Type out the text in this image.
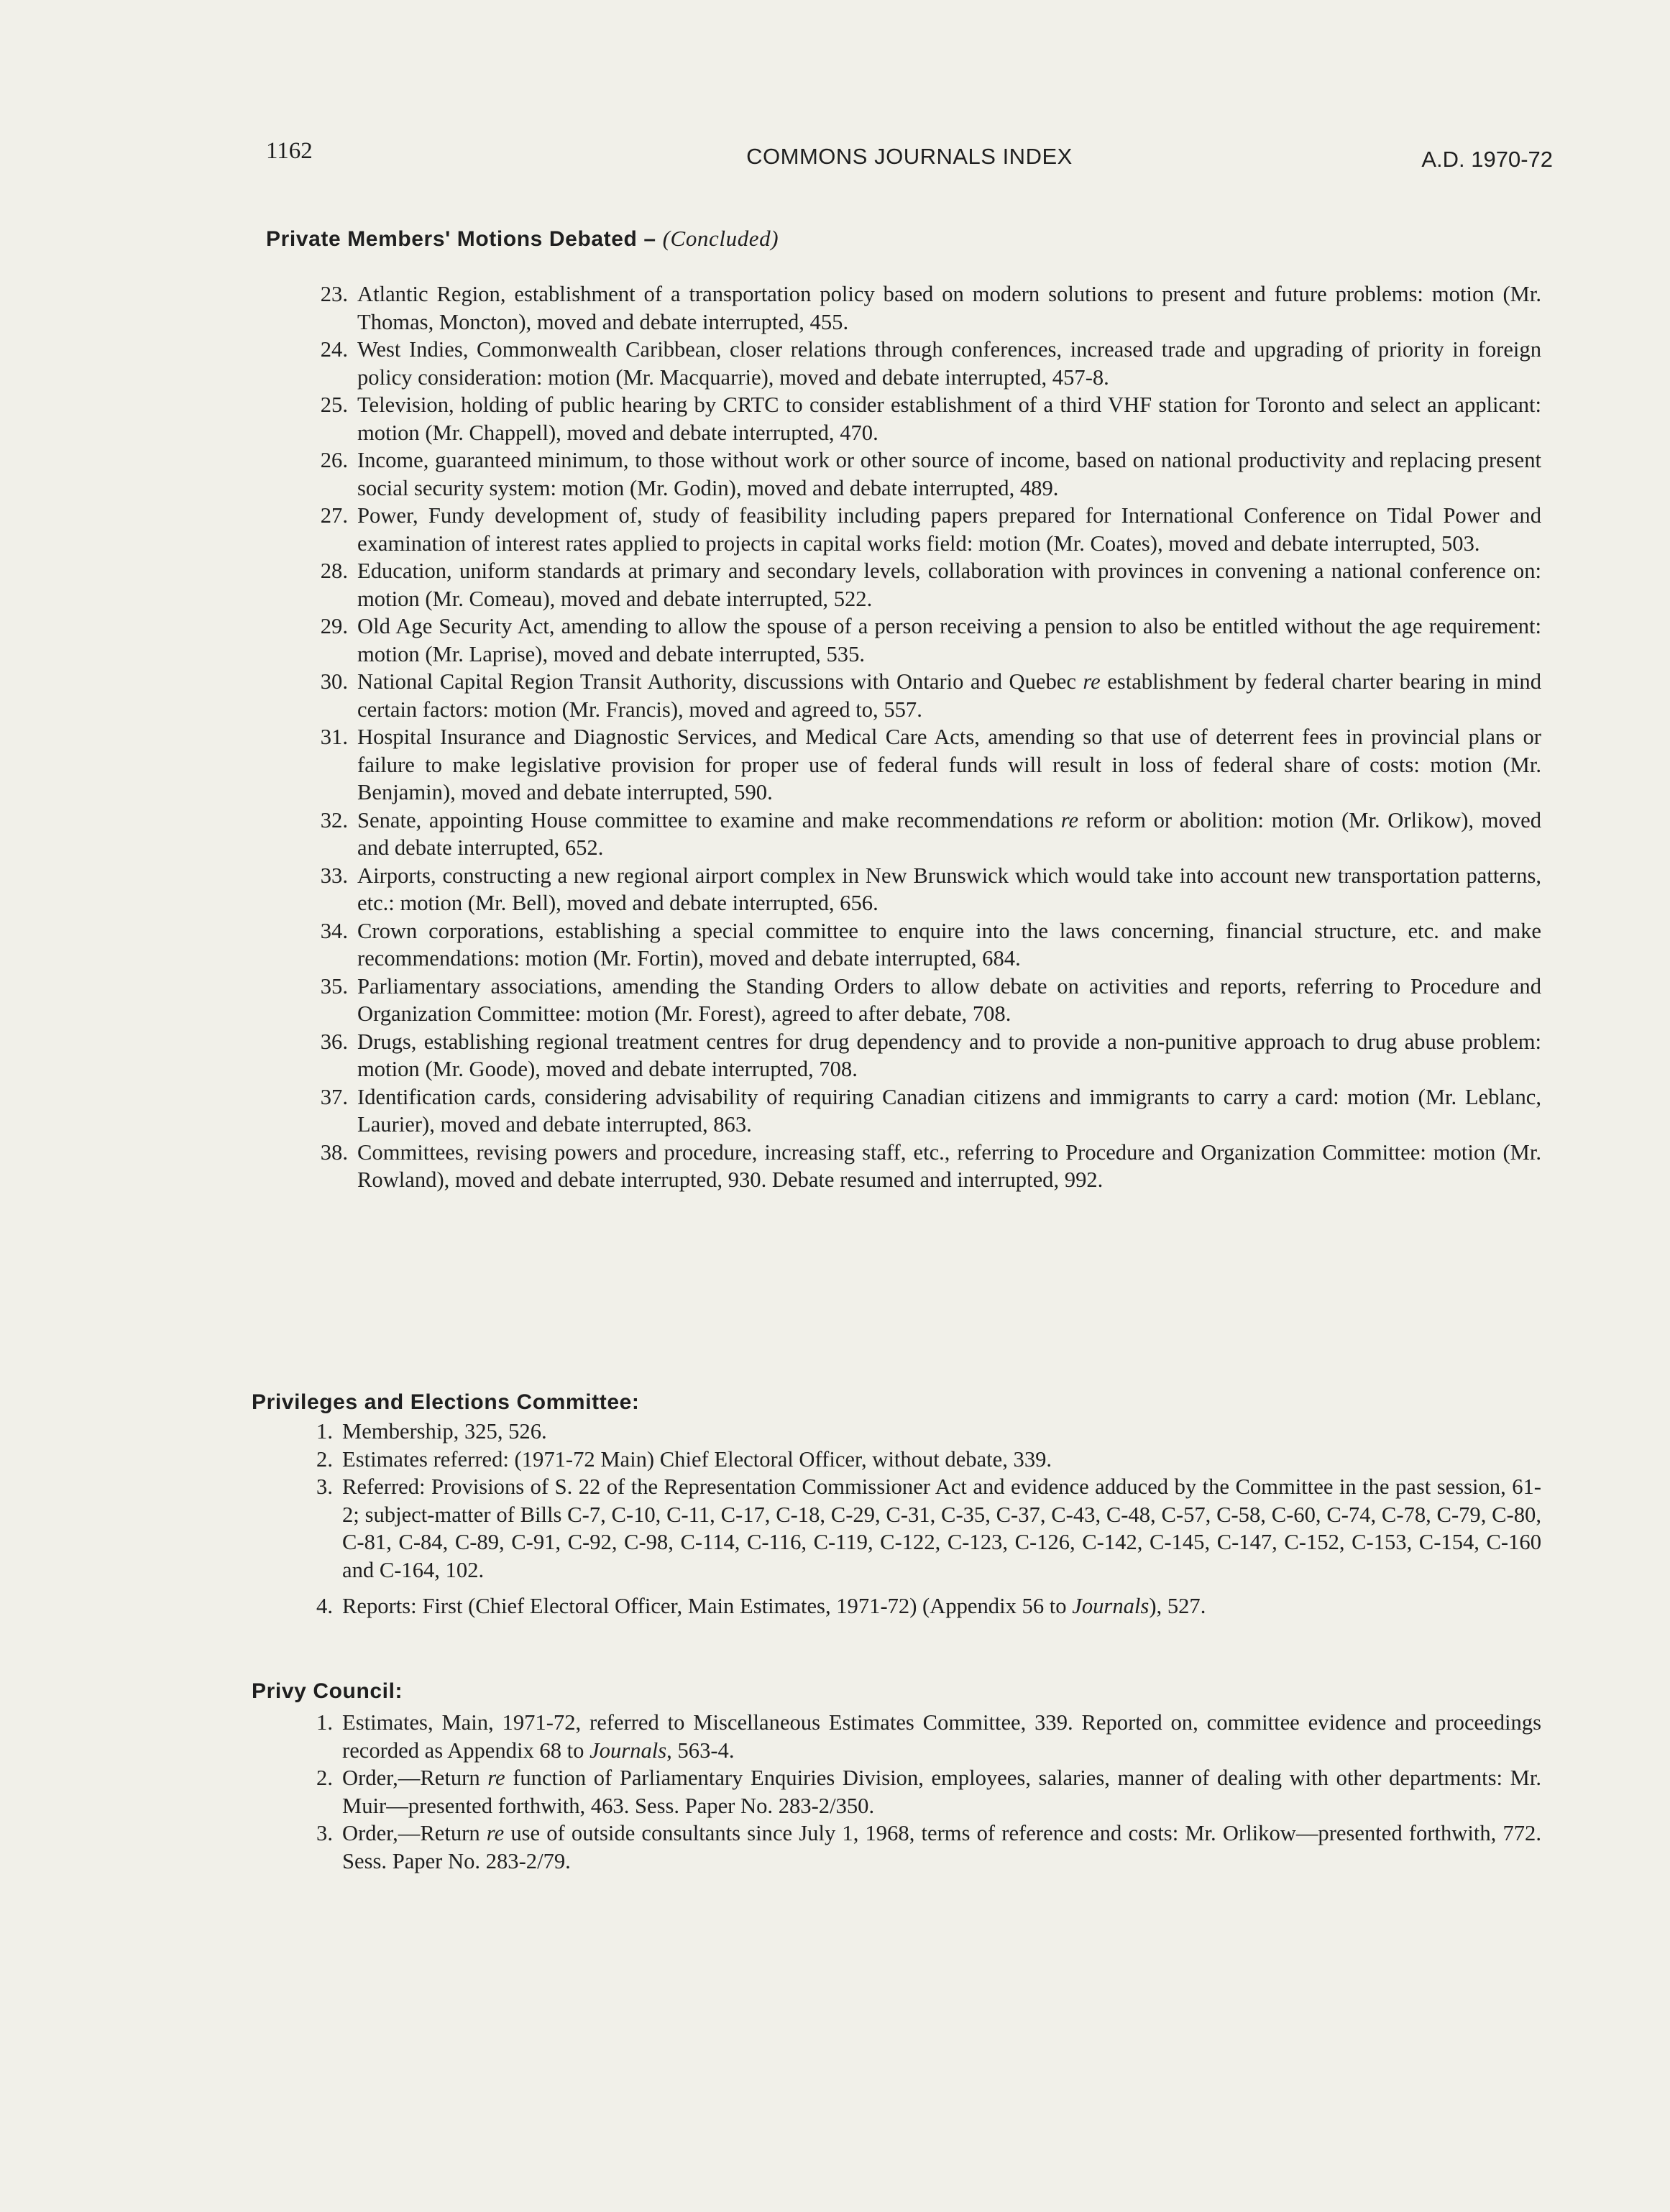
1162	COMMONS JOURNALS INDEX	A.D. 1970-72
Private Members' Motions Debated – (Concluded)
23. Atlantic Region, establishment of a transportation policy based on modern solutions to present and future problems: motion (Mr. Thomas, Moncton), moved and debate interrupted, 455.
24. West Indies, Commonwealth Caribbean, closer relations through conferences, increased trade and upgrading of priority in foreign policy consideration: motion (Mr. Macquarrie), moved and debate interrupted, 457-8.
25. Television, holding of public hearing by CRTC to consider establishment of a third VHF station for Toronto and select an applicant: motion (Mr. Chappell), moved and debate interrupted, 470.
26. Income, guaranteed minimum, to those without work or other source of income, based on national productivity and replacing present social security system: motion (Mr. Godin), moved and debate interrupted, 489.
27. Power, Fundy development of, study of feasibility including papers prepared for International Conference on Tidal Power and examination of interest rates applied to projects in capital works field: motion (Mr. Coates), moved and debate interrupted, 503.
28. Education, uniform standards at primary and secondary levels, collaboration with provinces in convening a national conference on: motion (Mr. Comeau), moved and debate interrupted, 522.
29. Old Age Security Act, amending to allow the spouse of a person receiving a pension to also be entitled without the age requirement: motion (Mr. Laprise), moved and debate interrupted, 535.
30. National Capital Region Transit Authority, discussions with Ontario and Quebec re establishment by federal charter bearing in mind certain factors: motion (Mr. Francis), moved and agreed to, 557.
31. Hospital Insurance and Diagnostic Services, and Medical Care Acts, amending so that use of deterrent fees in provincial plans or failure to make legislative provision for proper use of federal funds will result in loss of federal share of costs: motion (Mr. Benjamin), moved and debate interrupted, 590.
32. Senate, appointing House committee to examine and make recommendations re reform or abolition: motion (Mr. Orlikow), moved and debate interrupted, 652.
33. Airports, constructing a new regional airport complex in New Brunswick which would take into account new transportation patterns, etc.: motion (Mr. Bell), moved and debate interrupted, 656.
34. Crown corporations, establishing a special committee to enquire into the laws concerning, financial structure, etc. and make recommendations: motion (Mr. Fortin), moved and debate interrupted, 684.
35. Parliamentary associations, amending the Standing Orders to allow debate on activities and reports, referring to Procedure and Organization Committee: motion (Mr. Forest), agreed to after debate, 708.
36. Drugs, establishing regional treatment centres for drug dependency and to provide a non-punitive approach to drug abuse problem: motion (Mr. Goode), moved and debate interrupted, 708.
37. Identification cards, considering advisability of requiring Canadian citizens and immigrants to carry a card: motion (Mr. Leblanc, Laurier), moved and debate interrupted, 863.
38. Committees, revising powers and procedure, increasing staff, etc., referring to Procedure and Organization Committee: motion (Mr. Rowland), moved and debate interrupted, 930. Debate resumed and interrupted, 992.
Privileges and Elections Committee:
1. Membership, 325, 526.
2. Estimates referred: (1971-72 Main) Chief Electoral Officer, without debate, 339.
3. Referred: Provisions of S. 22 of the Representation Commissioner Act and evidence adduced by the Committee in the past session, 61-2; subject-matter of Bills C-7, C-10, C-11, C-17, C-18, C-29, C-31, C-35, C-37, C-43, C-48, C-57, C-58, C-60, C-74, C-78, C-79, C-80, C-81, C-84, C-89, C-91, C-92, C-98, C-114, C-116, C-119, C-122, C-123, C-126, C-142, C-145, C-147, C-152, C-153, C-154, C-160 and C-164, 102.
4. Reports: First (Chief Electoral Officer, Main Estimates, 1971-72) (Appendix 56 to Journals), 527.
Privy Council:
1. Estimates, Main, 1971-72, referred to Miscellaneous Estimates Committee, 339. Reported on, committee evidence and proceedings recorded as Appendix 68 to Journals, 563-4.
2. Order,—Return re function of Parliamentary Enquiries Division, employees, salaries, manner of dealing with other departments: Mr. Muir—presented forthwith, 463. Sess. Paper No. 283-2/350.
3. Order,—Return re use of outside consultants since July 1, 1968, terms of reference and costs: Mr. Orlikow—presented forthwith, 772. Sess. Paper No. 283-2/79.
